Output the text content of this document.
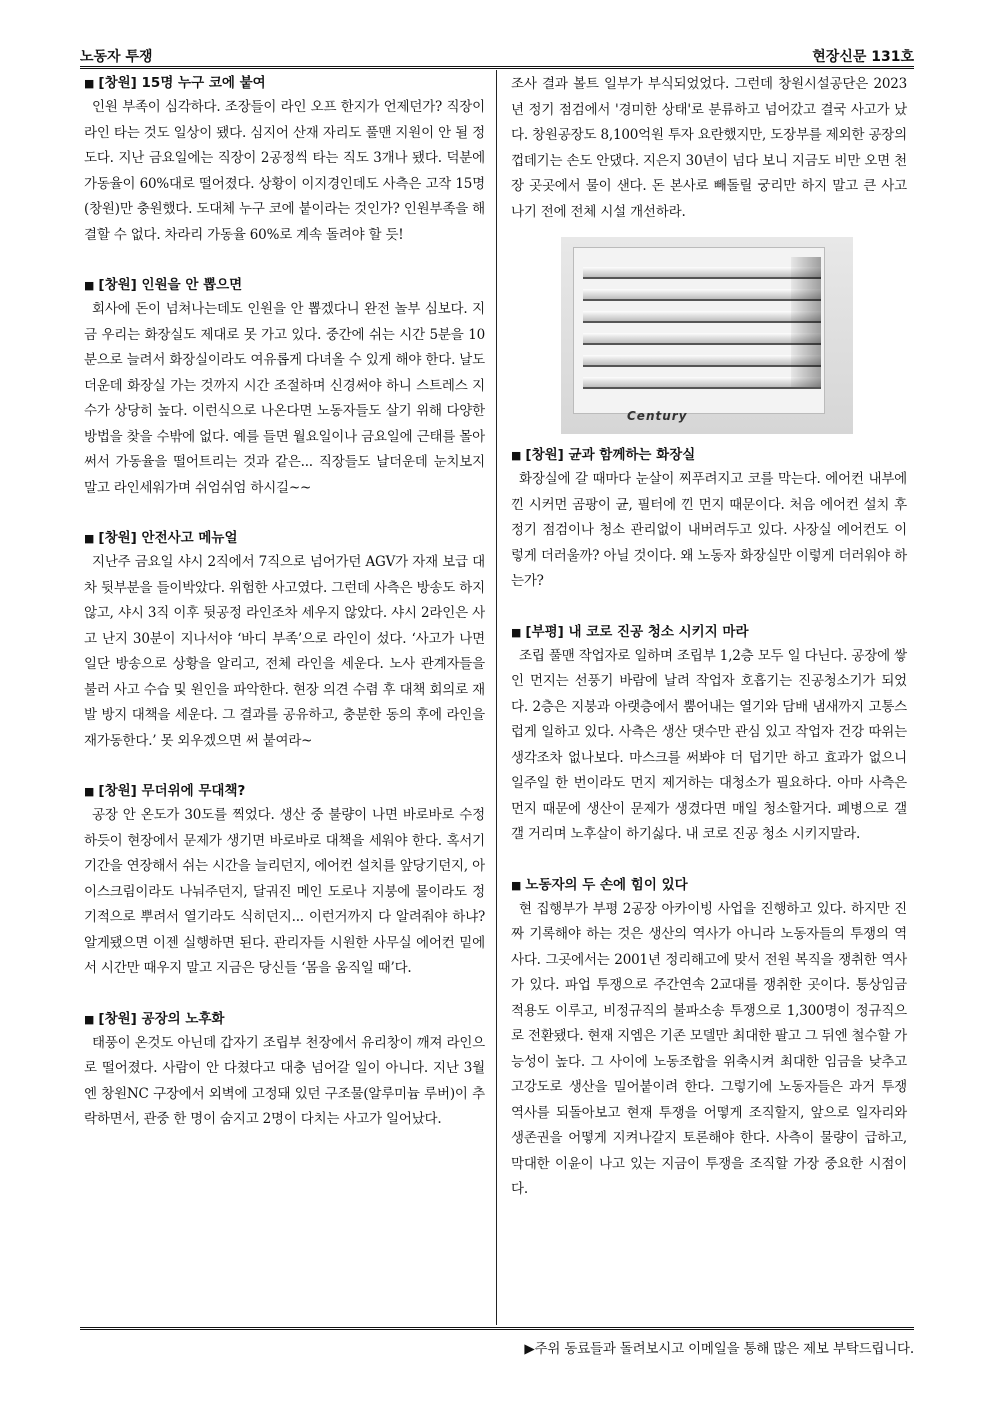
노동자 투쟁	현장신문 131호

■ [창원] 15명 누구 코에 붙여

인원 부족이 심각하다. 조장들이 라인 오프 한지가 언제던가? 직장이 라인 타는 것도 일상이 됐다. 심지어 산재 자리도 풀맨 지원이 안 될 정도다. 지난 금요일에는 직장이 2공정씩 타는 직도 3개나 됐다. 덕분에 가동율이 60%대로 떨어졌다. 상황이 이지경인데도 사측은 고작 15명(창원)만 충원했다. 도대체 누구 코에 붙이라는 것인가? 인원부족을 해결할 수 없다. 차라리 가동율 60%로 계속 돌려야 할 듯!

■ [창원] 인원을 안 뽑으면

회사에 돈이 넘쳐나는데도 인원을 안 뽑겠다니 완전 놀부 심보다. 지금 우리는 화장실도 제대로 못 가고 있다. 중간에 쉬는 시간 5분을 10분으로 늘려서 화장실이라도 여유롭게 다녀올 수 있게 해야 한다. 날도 더운데 화장실 가는 것까지 시간 조절하며 신경써야 하니 스트레스 지수가 상당히 높다. 이런식으로 나온다면 노동자들도 살기 위해 다양한 방법을 찾을 수밖에 없다. 예를 들면 월요일이나 금요일에 근태를 몰아 써서 가동율을 떨어트리는 것과 같은... 직장들도 날더운데 눈치보지 말고 라인세워가며 쉬엄쉬엄 하시길~~

■ [창원] 안전사고 메뉴얼

지난주 금요일 샤시 2직에서 7직으로 넘어가던 AGV가 자재 보급 대차 뒷부분을 들이박았다. 위험한 사고였다. 그런데 사측은 방송도 하지 않고, 샤시 3직 이후 뒷공정 라인조차 세우지 않았다. 샤시 2라인은 사고 난지 30분이 지나서야 ‘바디 부족’으로 라인이 섰다. ‘사고가 나면 일단 방송으로 상황을 알리고, 전체 라인을 세운다. 노사 관계자들을 불러 사고 수습 및 원인을 파악한다. 현장 의견 수렴 후 대책 회의로 재발 방지 대책을 세운다. 그 결과를 공유하고, 충분한 동의 후에 라인을 재가동한다.’ 못 외우겠으면 써 붙여라~

■ [창원] 무더위에 무대책?

공장 안 온도가 30도를 찍었다. 생산 중 불량이 나면 바로바로 수정하듯이 현장에서 문제가 생기면 바로바로 대책을 세워야 한다. 혹서기 기간을 연장해서 쉬는 시간을 늘리던지, 에어컨 설치를 앞당기던지, 아이스크림이라도 나눠주던지, 달궈진 메인 도로나 지붕에 물이라도 정기적으로 뿌려서 열기라도 식히던지... 이런거까지 다 알려줘야 하냐? 알게됐으면 이젠 실행하면 된다. 관리자들 시원한 사무실 에어컨 밑에서 시간만 때우지 말고 지금은 당신들 ‘몸을 움직일 때’다.

■ [창원] 공장의 노후화

태풍이 온것도 아닌데 갑자기 조립부 천장에서 유리창이 깨져 라인으로 떨어졌다. 사람이 안 다쳤다고 대충 넘어갈 일이 아니다. 지난 3월엔 창원NC 구장에서 외벽에 고정돼 있던 구조물(알루미늄 루버)이 추락하면서, 관중 한 명이 숨지고 2명이 다치는 사고가 일어났다.

조사 결과 볼트 일부가 부식되었었다. 그런데 창원시설공단은 2023년 정기 점검에서 '경미한 상태'로 분류하고 넘어갔고 결국 사고가 났다. 창원공장도 8,100억원 투자 요란했지만, 도장부를 제외한 공장의 껍데기는 손도 안댔다. 지은지 30년이 넘다 보니 지금도 비만 오면 천장 곳곳에서 물이 샌다. 돈 본사로 빼돌릴 궁리만 하지 말고 큰 사고 나기 전에 전체 시설 개선하라.

Century

■ [창원] 균과 함께하는 화장실

화장실에 갈 때마다 눈살이 찌푸려지고 코를 막는다. 에어컨 내부에 낀 시커먼 곰팡이 균, 필터에 낀 먼지 때문이다. 처음 에어컨 설치 후 정기 점검이나 청소 관리없이 내버려두고 있다. 사장실 에어컨도 이렇게 더러울까? 아닐 것이다. 왜 노동자 화장실만 이렇게 더러워야 하는가?

■ [부평] 내 코로 진공 청소 시키지 마라

조립 풀맨 작업자로 일하며 조립부 1,2층 모두 일 다닌다. 공장에 쌓인 먼지는 선풍기 바람에 날려 작업자 호흡기는 진공청소기가 되었다. 2층은 지붕과 아랫층에서 뿜어내는 열기와 담배 냄새까지 고통스럽게 일하고 있다. 사측은 생산 댓수만 관심 있고 작업자 건강 따위는 생각조차 없나보다. 마스크를 써봐야 더 덥기만 하고 효과가 없으니 일주일 한 번이라도 먼지 제거하는 대청소가 필요하다. 아마 사측은 먼지 때문에 생산이 문제가 생겼다면 매일 청소할거다. 폐병으로 갤갤 거리며 노후살이 하기싫다. 내 코로 진공 청소 시키지말라.

■ 노동자의 두 손에 힘이 있다

현 집행부가 부평 2공장 아카이빙 사업을 진행하고 있다. 하지만 진짜 기록해야 하는 것은 생산의 역사가 아니라 노동자들의 투쟁의 역사다. 그곳에서는 2001년 정리해고에 맞서 전원 복직을 쟁취한 역사가 있다. 파업 투쟁으로 주간연속 2교대를 쟁취한 곳이다. 통상임금 적용도 이루고, 비정규직의 불파소송 투쟁으로 1,300명이 정규직으로 전환됐다. 현재 지엠은 기존 모델만 최대한 팔고 그 뒤엔 철수할 가능성이 높다. 그 사이에 노동조합을 위축시켜 최대한 임금을 낮추고 고강도로 생산을 밀어붙이려 한다. 그렇기에 노동자들은 과거 투쟁 역사를 되돌아보고 현재 투쟁을 어떻게 조직할지, 앞으로 일자리와 생존권을 어떻게 지켜나갈지 토론해야 한다. 사측이 물량이 급하고, 막대한 이윤이 나고 있는 지금이 투쟁을 조직할 가장 중요한 시점이다.

▶주위 동료들과 돌려보시고 이메일을 통해 많은 제보 부탁드립니다.
